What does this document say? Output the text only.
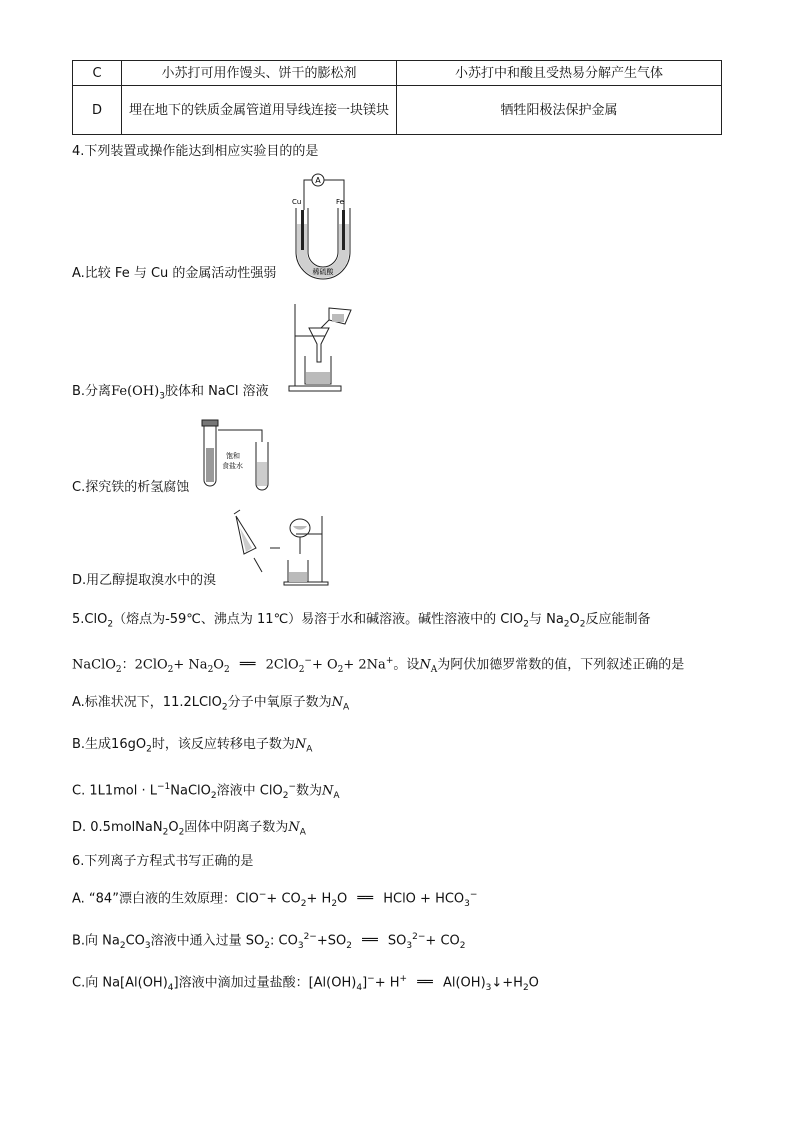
C	小苏打可用作馒头、饼干的膨松剂	小苏打中和酸且受热易分解产生气体
D	埋在地下的铁质金属管道用导线连接一块镁块	牺牲阳极法保护金属
4.下列装置或操作能达到相应实验目的的是
A
Cu	Fe
稀硫酸
A.比较 Fe 与 Cu 的金属活动性强弱
B.分离$Fe(OH)_3$胶体和 NaCl 溶液
饱和
食盐水
C.探究铁的析氢腐蚀
D.用乙醇提取溴水中的溴
5.ClO$_2$（熔点为-59℃、沸点为 11℃）易溶于水和碱溶液。碱性溶液中的 ClO$_2$与 $Na_2O_2$反应能制备
NaClO$_2$：$2ClO_2+ Na_2O_2$ ══ $2ClO_2^-+ O_2+ 2Na^+$。设$N_A$为阿伏加德罗常数的值，下列叙述正确的是
A.标准状况下，11.2LClO$_2$分子中氧原子数为$N_A$
B.生成$16gO_2$时，该反应转移电子数为$N_A$
C. $1L1mol \cdot L^{-1}NaClO_2$溶液中 ClO$_2$−数为$N_A$
D. $0.5molNaN_2O_2$固体中阴离子数为$N_A$
6.下列离子方程式书写正确的是
A. “84”漂白液的生效原理：$ClO^-+ CO_2+ H_2O$ ══ HClO + $HCO_3^-$
B.向 $Na_2CO_3$溶液中通入过量 $SO_2$: $CO_3^{2-}+SO_2$ ══ $SO_3^{2-}+ CO_2$
C.向 $Na[Al(OH)_4]$溶液中滴加过量盐酸：$[Al(OH)_4]^-+ H^+$ ══ $Al(OH)_3↓+H_2O$
